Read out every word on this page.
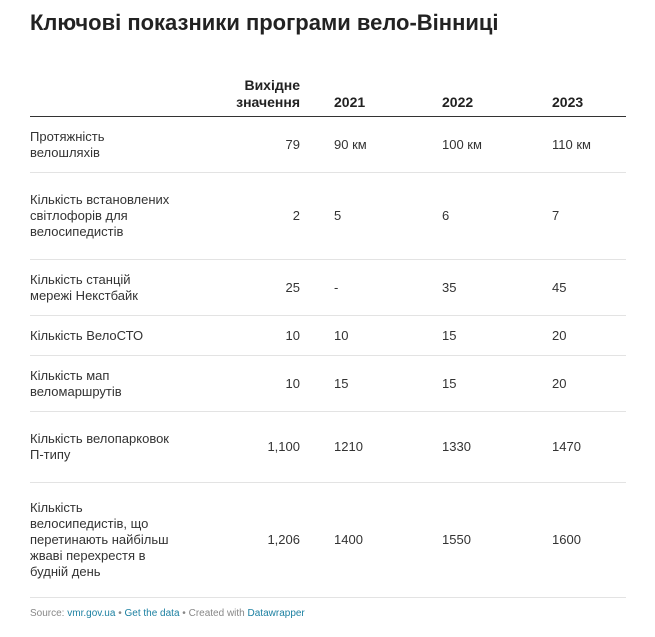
Ключові показники програми вело-Вінниці
	Вихідне значення	2021	2022	2023
Протяжність велошляхів	79	90 км	100 км	110 км
Кількість встановлених світлофорів для велосипедистів	2	5	6	7
Кількість станцій мережі Некстбайк	25	-	35	45
Кількість ВелоСТО	10	10	15	20
Кількість мап веломаршрутів	10	15	15	20
Кількість велопарковок П-типу	1,100	1210	1330	1470
Кількість велосипедистів, що перетинають найбільш жваві перехрестя в будній день	1,206	1400	1550	1600
Source: vmr.gov.ua • Get the data • Created with Datawrapper
